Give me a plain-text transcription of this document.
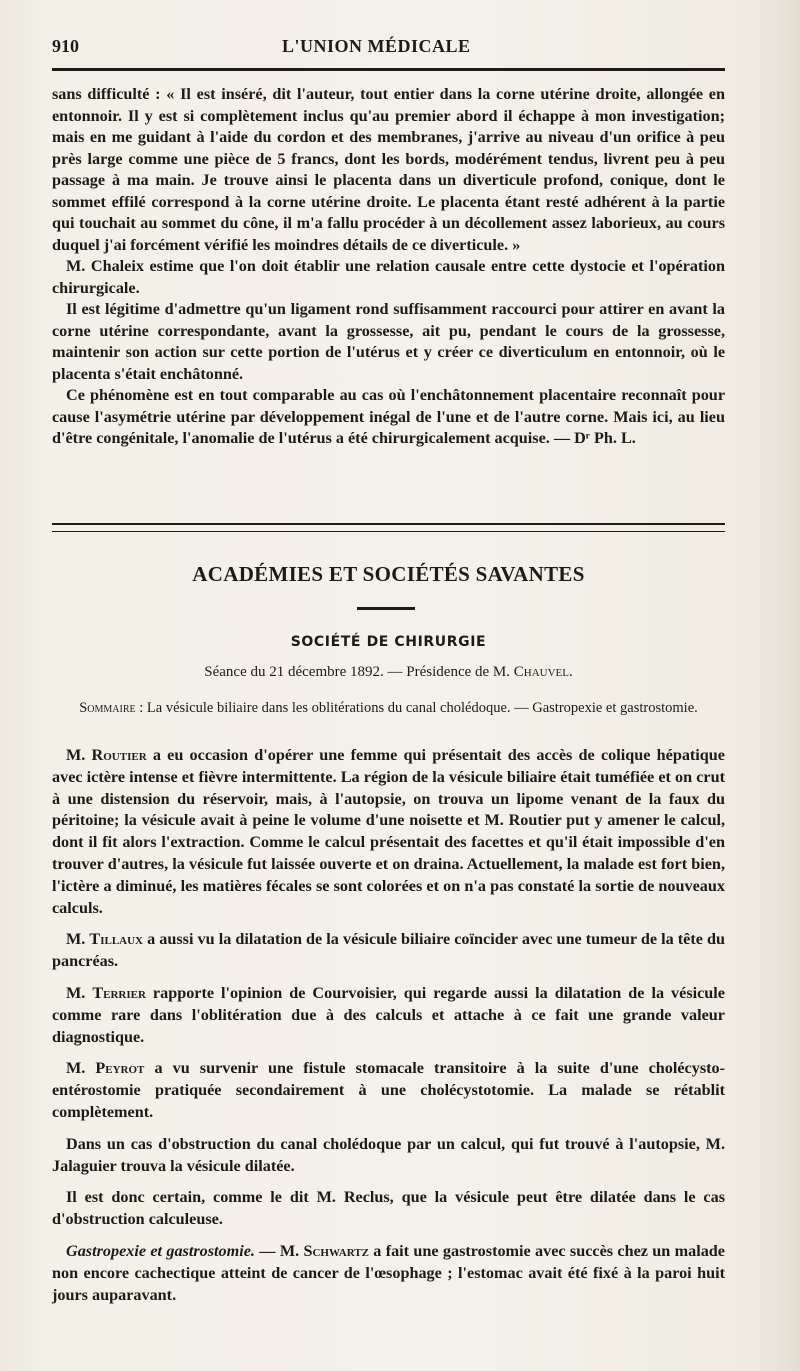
910	L'UNION MÉDICALE

sans difficulté : « Il est inséré, dit l'auteur, tout entier dans la corne utérine droite, allongée en entonnoir. Il y est si complètement inclus qu'au premier abord il échappe à mon investigation; mais en me guidant à l'aide du cordon et des membranes, j'arrive au niveau d'un orifice à peu près large comme une pièce de 5 francs, dont les bords, modérément tendus, livrent peu à peu passage à ma main. Je trouve ainsi le placenta dans un diverticule profond, conique, dont le sommet effilé correspond à la corne utérine droite. Le placenta étant resté adhérent à la partie qui touchait au sommet du cône, il m'a fallu procéder à un décollement assez laborieux, au cours duquel j'ai forcément vérifié les moindres détails de ce diverticule. »

M. Chaleix estime que l'on doit établir une relation causale entre cette dystocie et l'opération chirurgicale.

Il est légitime d'admettre qu'un ligament rond suffisamment raccourci pour attirer en avant la corne utérine correspondante, avant la grossesse, ait pu, pendant le cours de la grossesse, maintenir son action sur cette portion de l'utérus et y créer ce diverticulum en entonnoir, où le placenta s'était enchâtonné.

Ce phénomène est en tout comparable au cas où l'enchâtonnement placentaire reconnaît pour cause l'asymétrie utérine par développement inégal de l'une et de l'autre corne. Mais ici, au lieu d'être congénitale, l'anomalie de l'utérus a été chirurgicalement acquise. — Dʳ Ph. L.

ACADÉMIES ET SOCIÉTÉS SAVANTES
SOCIÉTÉ DE CHIRURGIE
Séance du 21 décembre 1892. — Présidence de M. Chauvel.
Sommaire : La vésicule biliaire dans les oblitérations du canal cholédoque. — Gastropexie et gastrostomie.

M. Routier a eu occasion d'opérer une femme qui présentait des accès de colique hépatique avec ictère intense et fièvre intermittente. La région de la vésicule biliaire était tuméfiée et on crut à une distension du réservoir, mais, à l'autopsie, on trouva un lipome venant de la faux du péritoine; la vésicule avait à peine le volume d'une noisette et M. Routier put y amener le calcul, dont il fit alors l'extraction. Comme le calcul présentait des facettes et qu'il était impossible d'en trouver d'autres, la vésicule fut laissée ouverte et on draina. Actuellement, la malade est fort bien, l'ictère a diminué, les matières fécales se sont colorées et on n'a pas constaté la sortie de nouveaux calculs.

M. Tillaux a aussi vu la dilatation de la vésicule biliaire coïncider avec une tumeur de la tête du pancréas.

M. Terrier rapporte l'opinion de Courvoisier, qui regarde aussi la dilatation de la vésicule comme rare dans l'oblitération due à des calculs et attache à ce fait une grande valeur diagnostique.

M. Peyrot a vu survenir une fistule stomacale transitoire à la suite d'une cholécysto-entérostomie pratiquée secondairement à une cholécystotomie. La malade se rétablit complètement.

Dans un cas d'obstruction du canal cholédoque par un calcul, qui fut trouvé à l'autopsie, M. Jalaguier trouva la vésicule dilatée.

Il est donc certain, comme le dit M. Reclus, que la vésicule peut être dilatée dans le cas d'obstruction calculeuse.

Gastropexie et gastrostomie. — M. Schwartz a fait une gastrostomie avec succès chez un malade non encore cachectique atteint de cancer de l'œsophage ; l'estomac avait été fixé à la paroi huit jours auparavant.
